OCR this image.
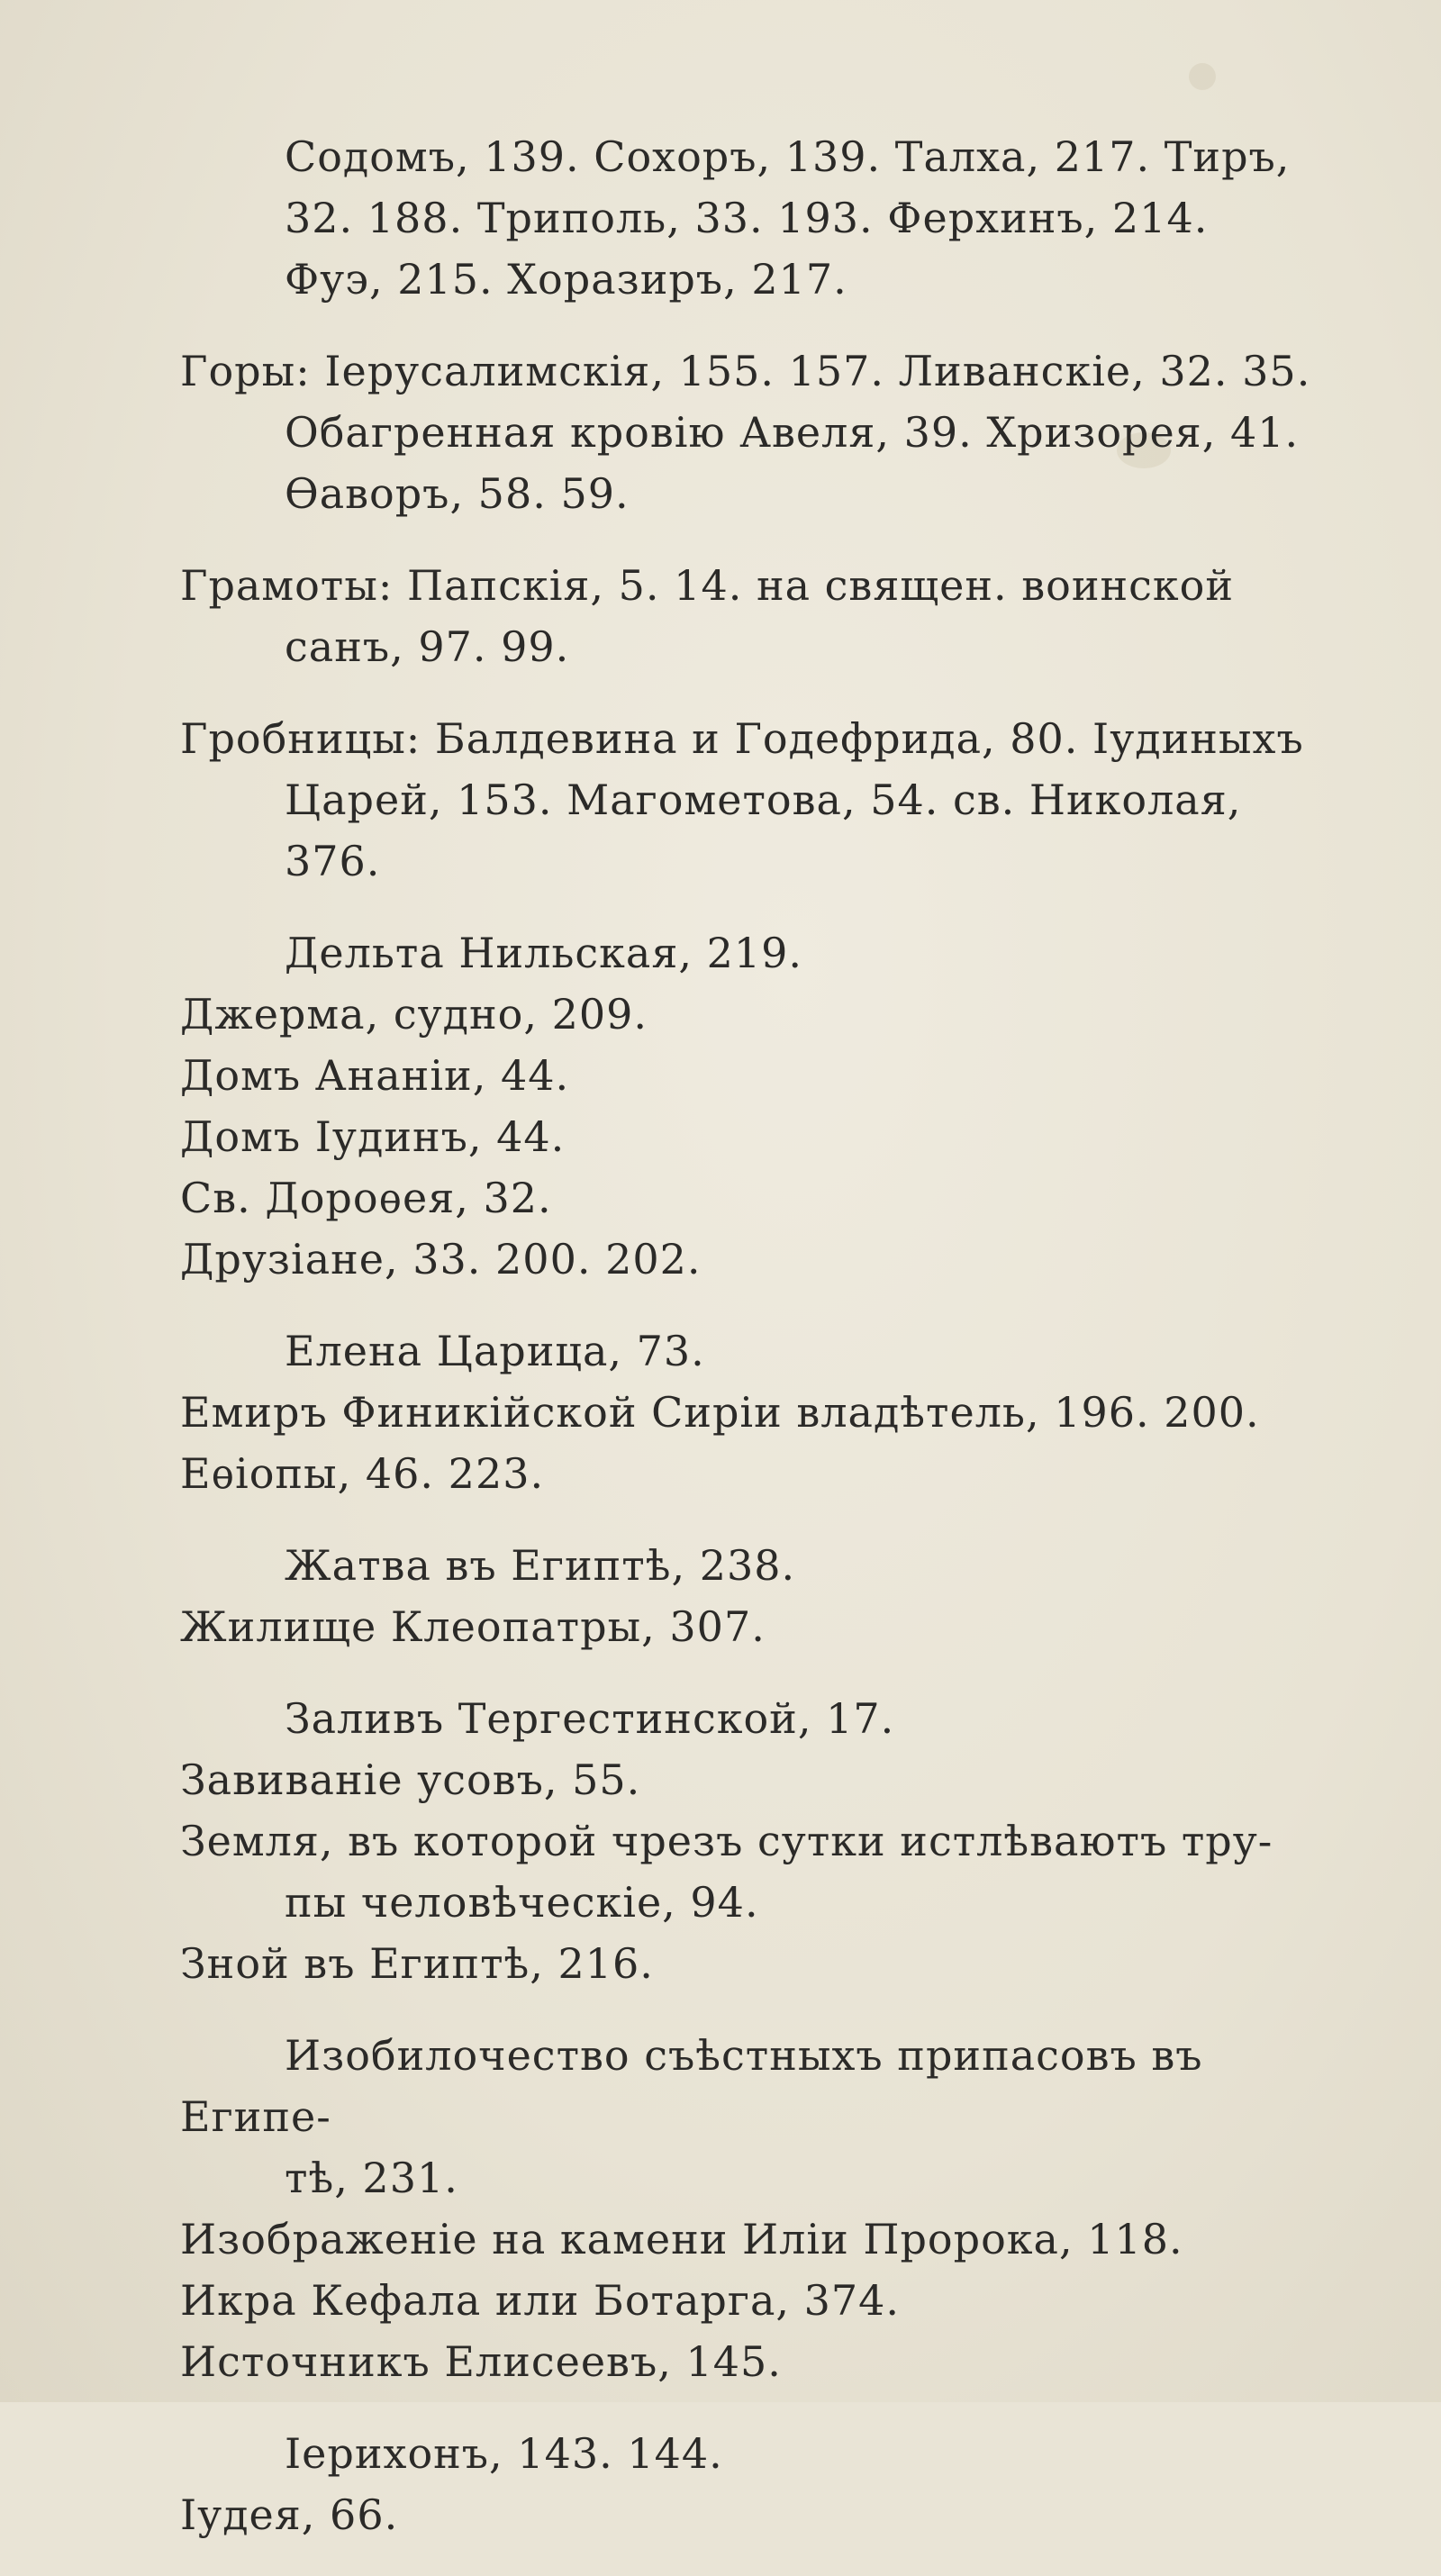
Содомъ, 139. Сохоръ, 139. Талха, 217. Тиръ,
32. 188. Триполь, 33. 193. Ферхинъ, 214.
Фуэ, 215. Хоразиръ, 217.
Горы: Іерусалимскія, 155. 157. Ливанскіе, 32. 35.
Обагренная кровію Авеля, 39. Хризорея, 41.
Ѳаворъ, 58. 59.
Грамоты: Папскія, 5. 14. на священ. воинской
санъ, 97. 99.
Гробницы: Балдевина и Годефрида, 80. Іудиныхъ
Царей, 153. Магометова, 54. св. Николая, 376.
Дельта Нильская, 219.
Джерма, судно, 209.
Домъ Ананіи, 44.
Домъ Іудинъ, 44.
Св. Дороѳея, 32.
Друзіане, 33. 200. 202.
Елена Царица, 73.
Емиръ Финикійской Сиріи владѣтель, 196. 200.
Еѳіопы, 46. 223.
Жатва въ Египтѣ, 238.
Жилище Клеопатры, 307.
Заливъ Тергестинской, 17.
Завиваніе усовъ, 55.
Земля, въ которой чрезъ сутки истлѣваютъ тру-
пы человѣческіе, 94.
Зной въ Египтѣ, 216.
Изобилочество съѣстныхъ припасовъ въ Египе-
тѣ, 231.
Изображеніе на камени Иліи Пророка, 118.
Икра Кефала или Ботарга, 374.
Источникъ Елисеевъ, 145.
Іерихонъ, 143. 144.
Іудея, 66.
